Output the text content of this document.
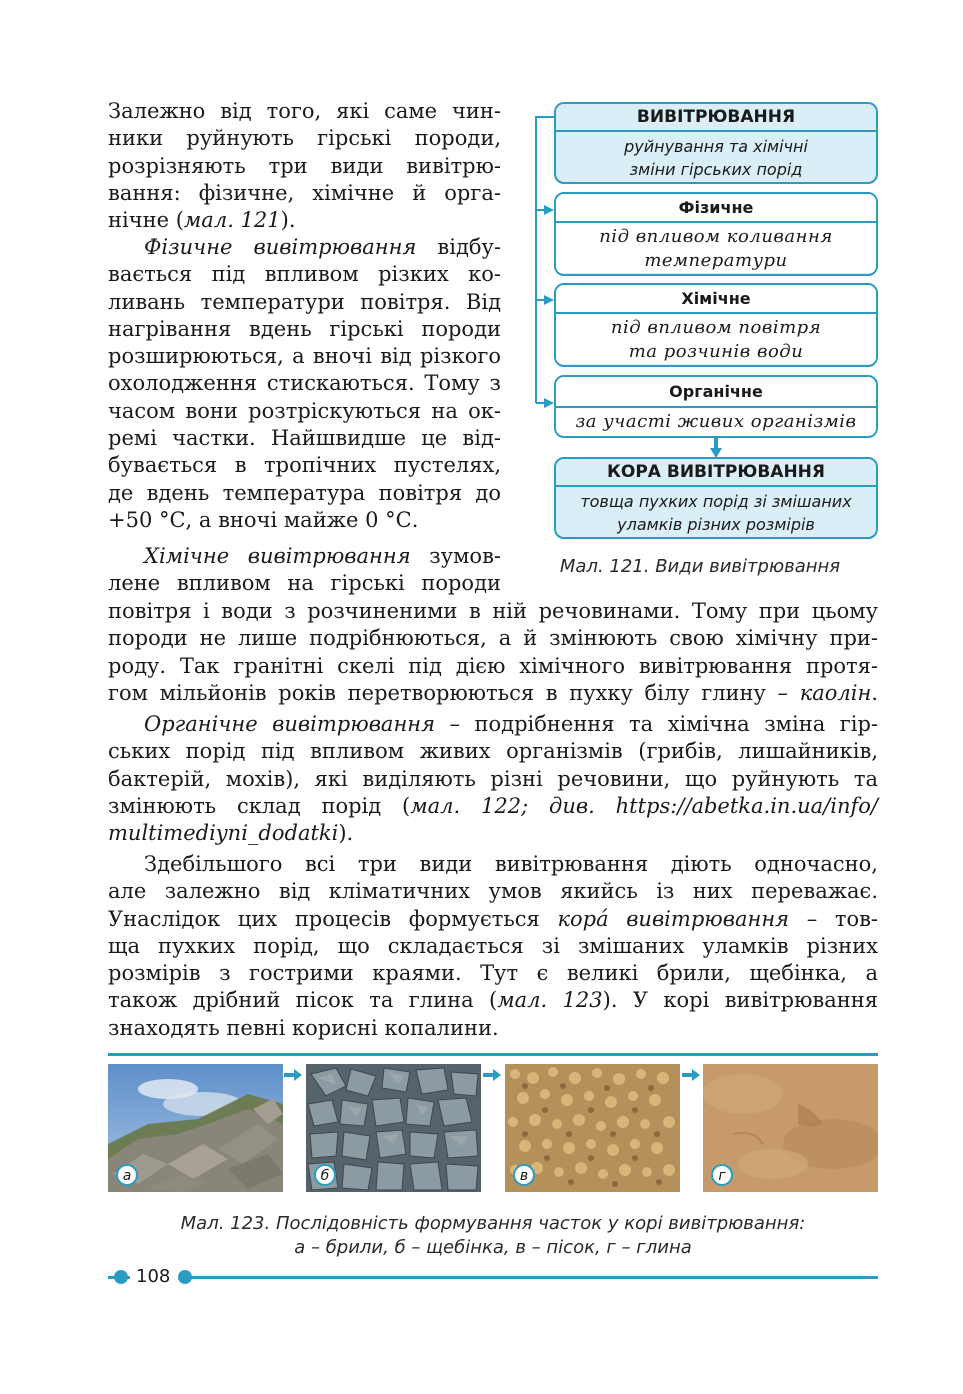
Залежно від того, які саме чин-
ники руйнують гірські породи,
розрізняють три види вивітрю-
вання: фізичне, хімічне й орга-
нічне (мал. 121).
Фізичне вивітрювання відбу-
вається під впливом різких ко-
ливань температури повітря. Від
нагрівання вдень гірські породи
розширюються, а вночі від різкого
охолодження стискаються. Тому з
часом вони розтріскуються на ок-
ремі частки. Найшвидше це від-
бувається в тропічних пустелях,
де вдень температура повітря до
+50 °С, а вночі майже 0 °С.
Хімічне вивітрювання зумов-
лене впливом на гірські породи
повітря і води з розчиненими в ній речовинами. Тому при цьому
породи не лише подрібнюються, а й змінюють свою хімічну при-
роду. Так гранітні скелі під дією хімічного вивітрювання протя-
гом мільйонів років перетворюються в пухку білу глину – каолін.
Органічне вивітрювання – подрібнення та хімічна зміна гір-
ських порід під впливом живих організмів (грибів, лишайників,
бактерій, мохів), які виділяють різні речовини, що руйнують та
змінюють склад порід (мал. 122; див. https://abetka.in.ua/info/
multimediyni_dodatki).
Здебільшого всі три види вивітрювання діють одночасно,
але залежно від кліматичних умов якийсь із них переважає.
Унаслідок цих процесів формується кора́ вивітрювання – тов-
ща пухких порід, що складається зі змішаних уламків різних
розмірів з гострими краями. Тут є великі брили, щебінка, а
також дрібний пісок та глина (мал. 123). У корі вивітрювання
знаходять певні корисні копалини.
ВИВІТРЮВАННЯ
руйнування та хімічні
зміни гірських порід
Фізичне
під впливом коливання
температури
Хімічне
під впливом повітря
та розчинів води
Органічне
за участі живих організмів
КОРА ВИВІТРЮВАННЯ
товща пухких порід зі змішаних
уламків різних розмірів
Мал. 121. Види вивітрювання
а	б	в	г
Мал. 123. Послідовність формування часток у корі вивітрювання:
а – брили, б – щебінка, в – пісок, г – глина
108
